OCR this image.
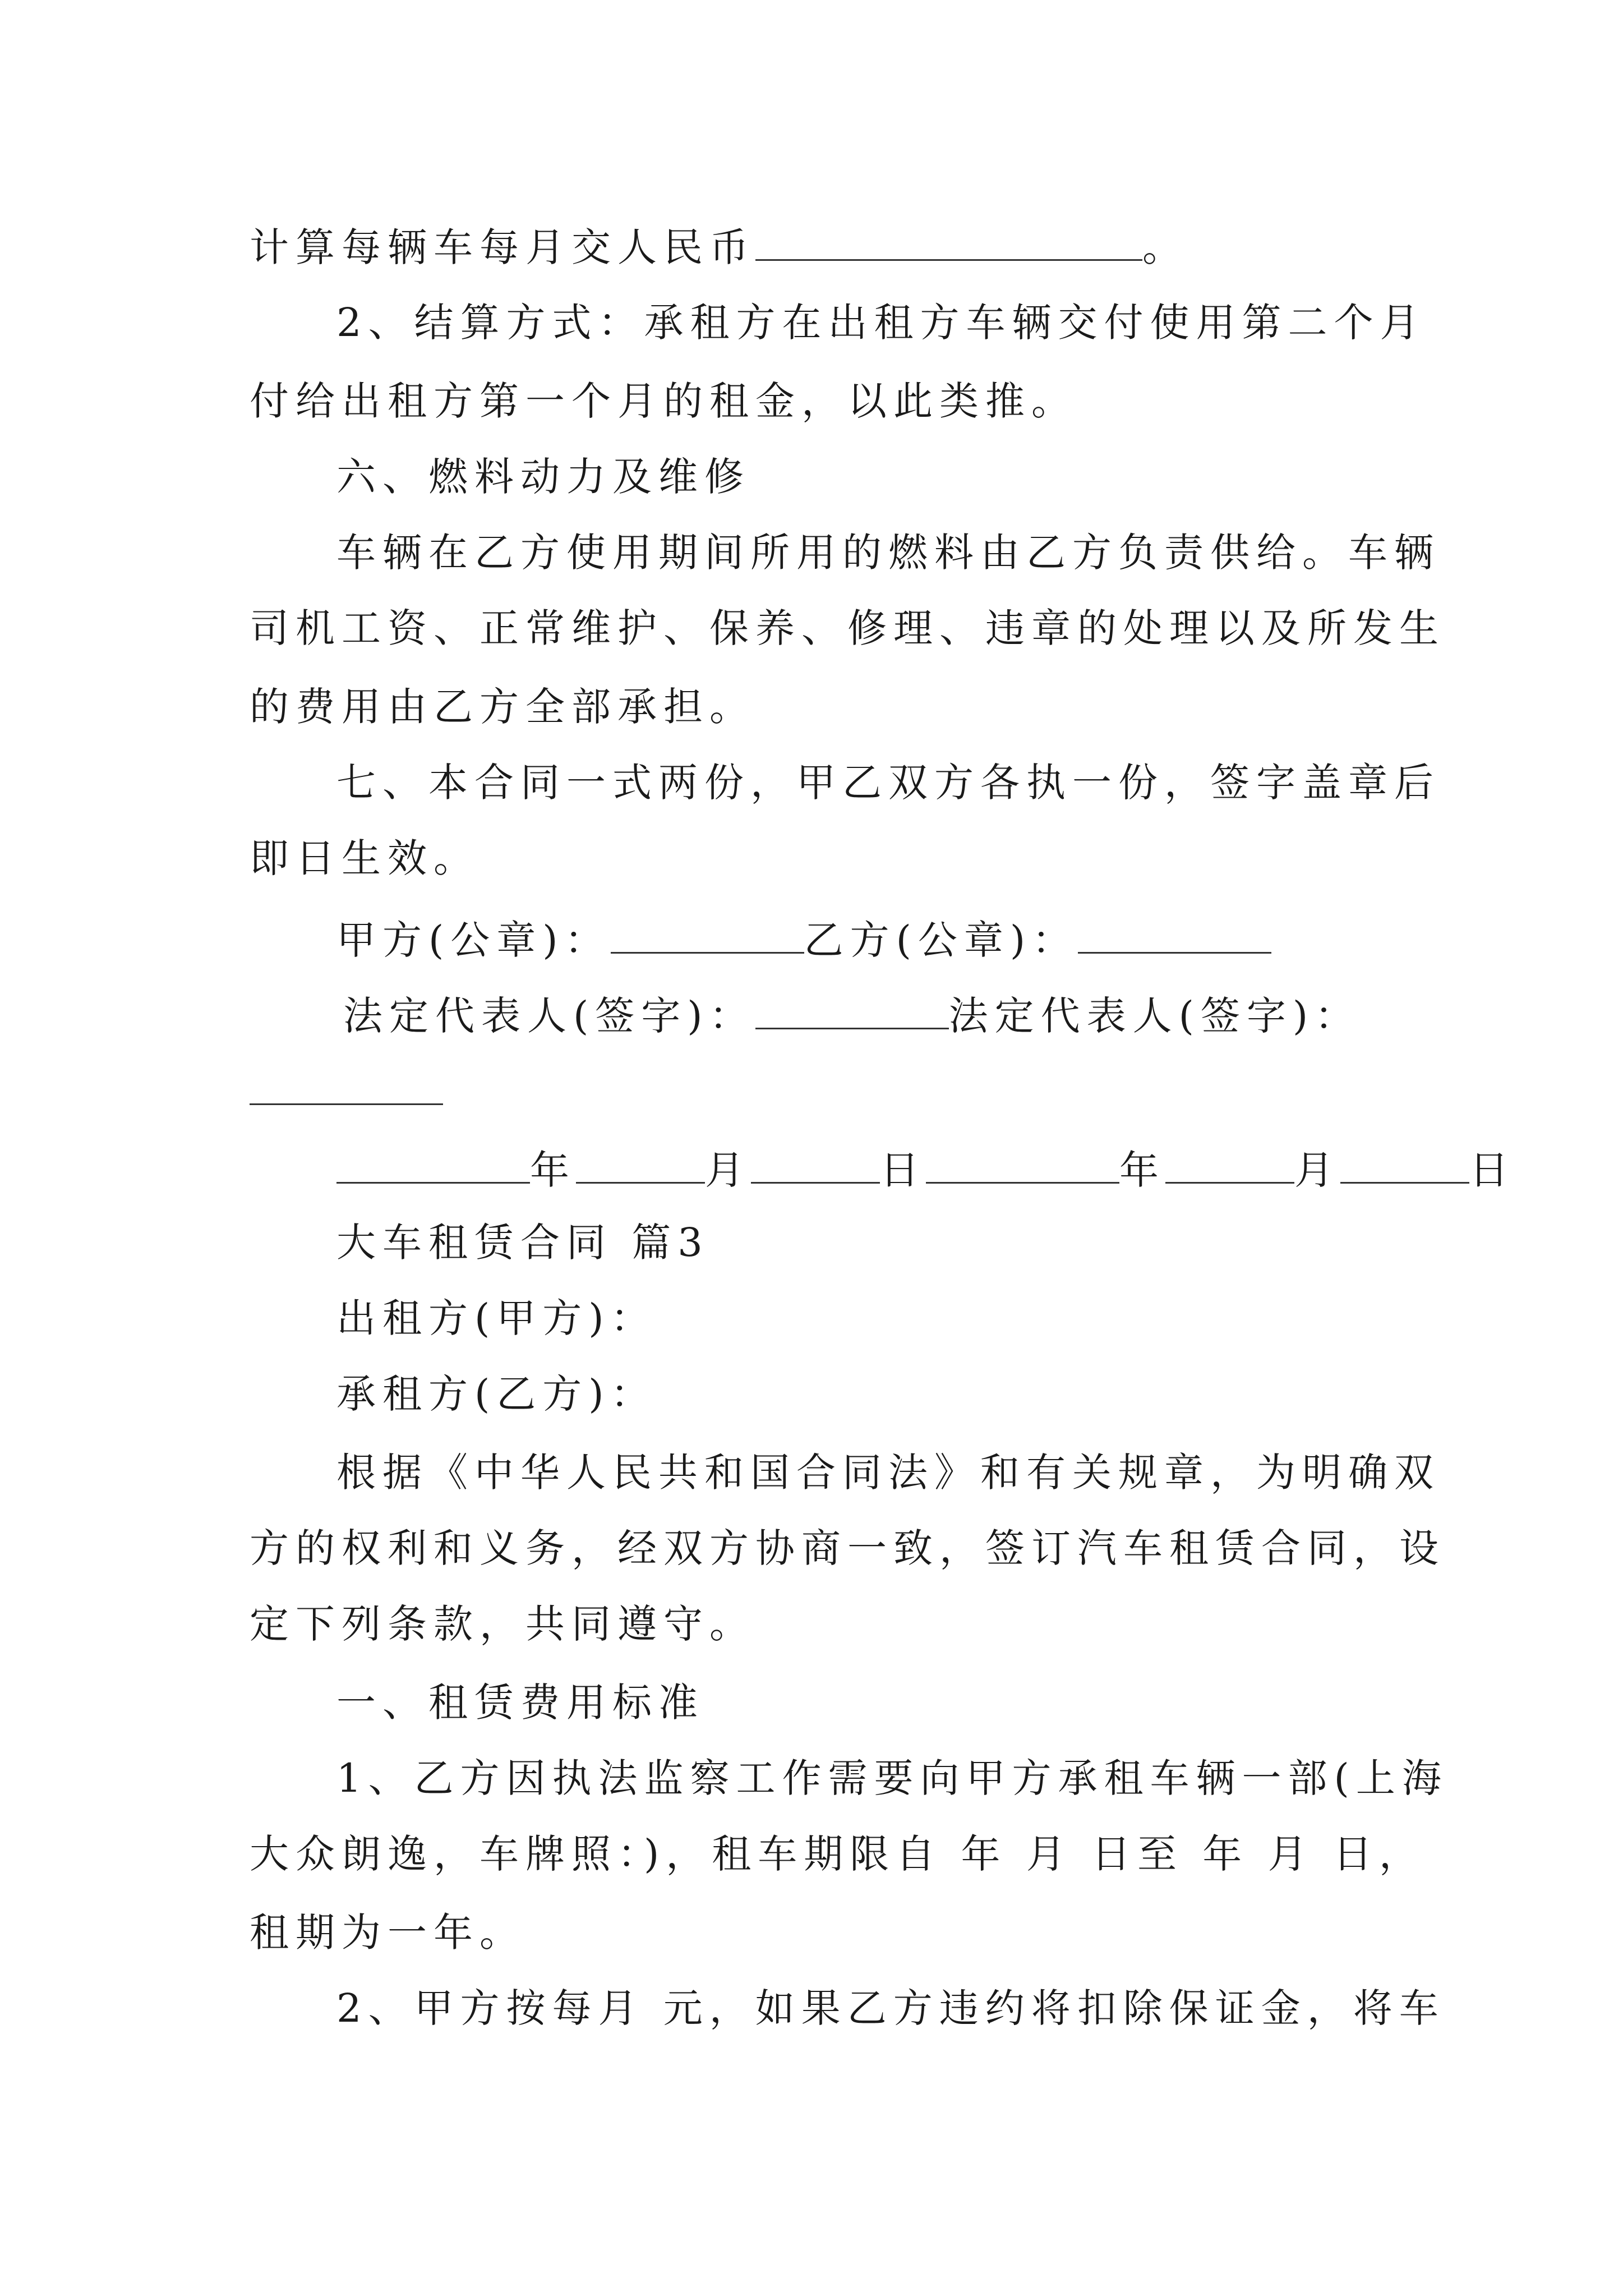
计算每辆车每月交人民币	。
2、结算方式：承租方在出租方车辆交付使用第二个月
付给出租方第一个月的租金，以此类推。
六、燃料动力及维修
车辆在乙方使用期间所用的燃料由乙方负责供给。车辆
司机工资、正常维护、保养、修理、违章的处理以及所发生
的费用由乙方全部承担。
七、本合同一式两份，甲乙双方各执一份，签字盖章后
即日生效。
甲方(公章)：	乙方(公章)：
法定代表人(签字)：	法定代表人(签字)：
年	月	日	年	月	日
大车租赁合同 篇3
出租方(甲方)：
承租方(乙方)：
根据《中华人民共和国合同法》和有关规章，为明确双
方的权利和义务，经双方协商一致，签订汽车租赁合同，设
定下列条款，共同遵守。
一、租赁费用标准
1、乙方因执法监察工作需要向甲方承租车辆一部(上海
大众朗逸，车牌照：)，租车期限自 年 月 日至 年 月 日，
租期为一年。
2、甲方按每月 元，如果乙方违约将扣除保证金，将车
